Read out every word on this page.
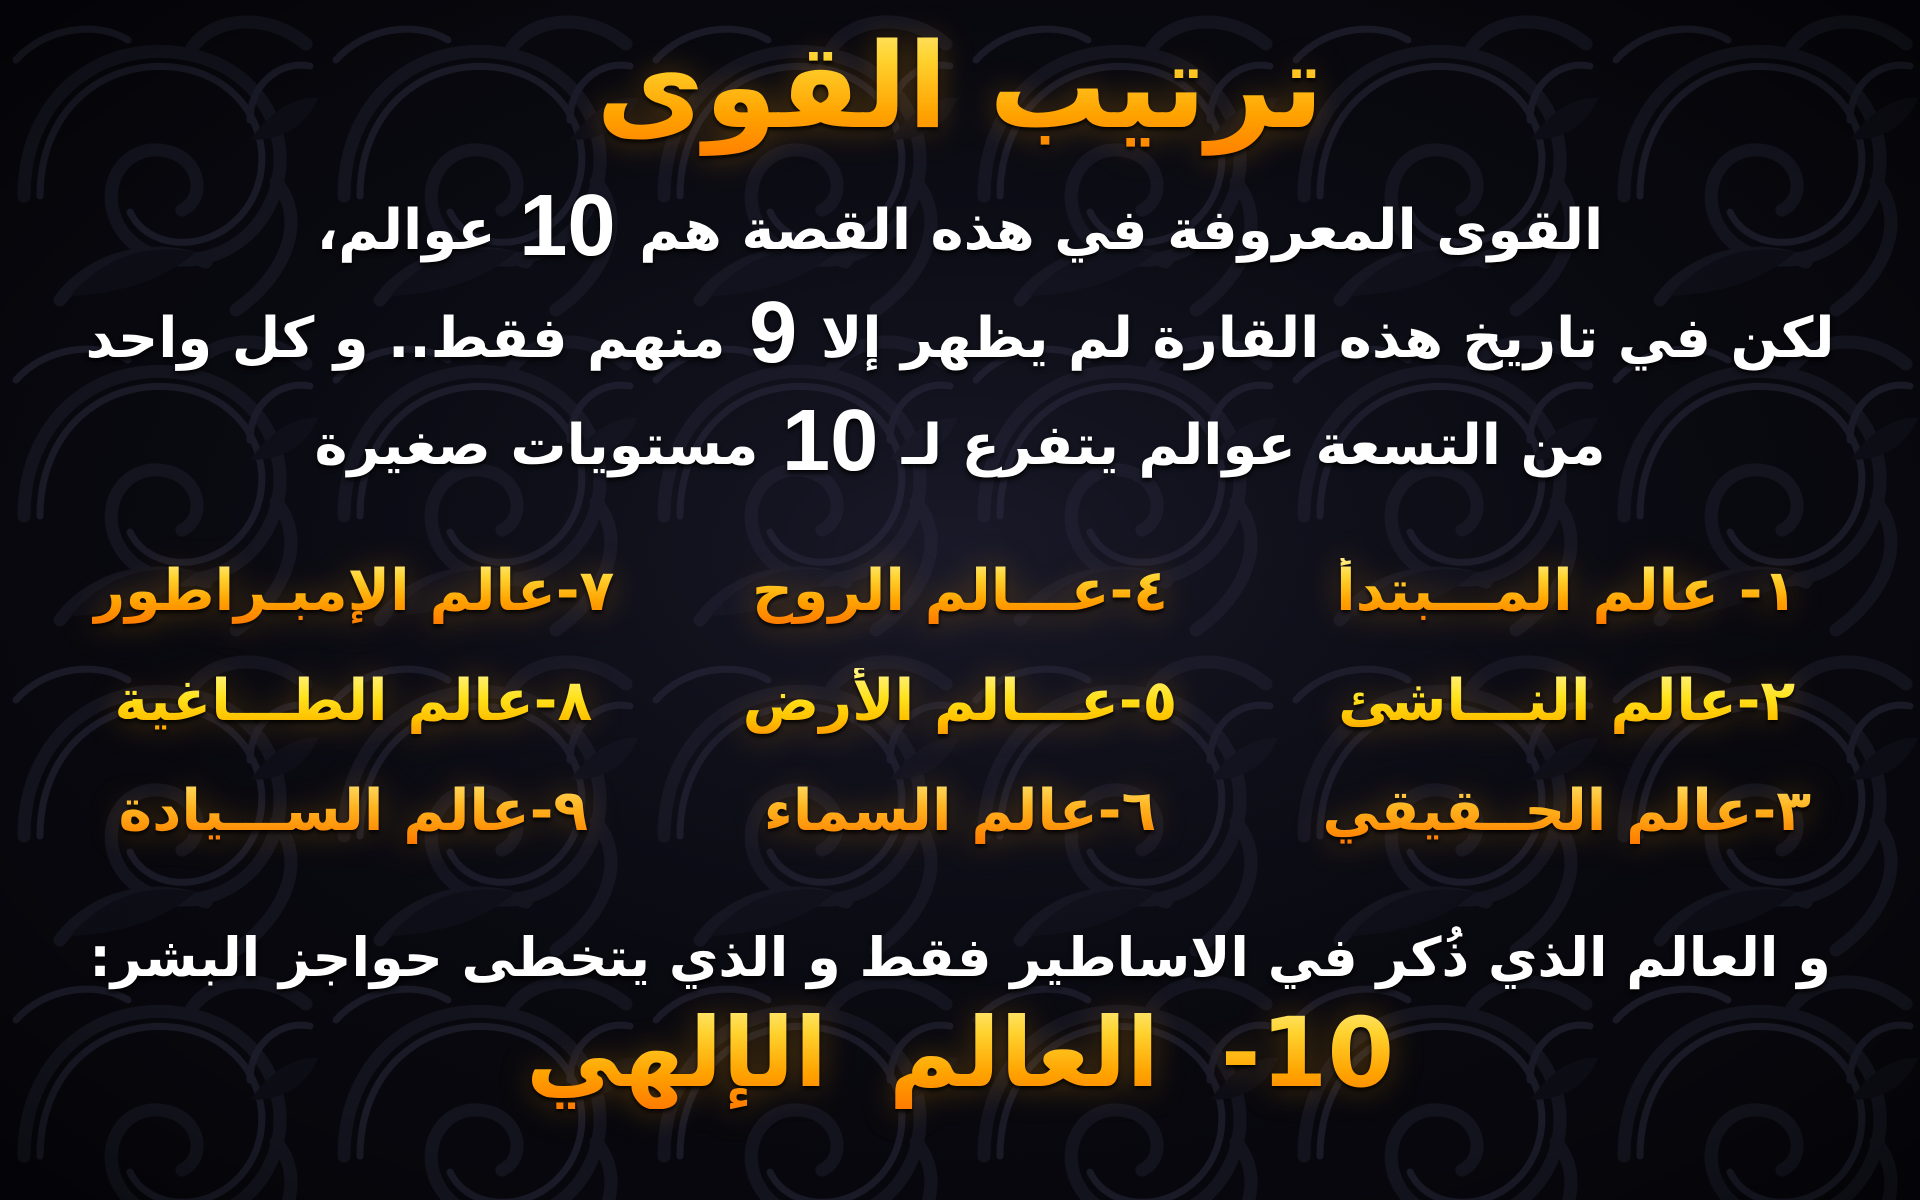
ترتيب القوى
القوى المعروفة في هذه القصة هم 10 عوالم،
لكن في تاريخ هذه القارة لم يظهر إلا 9 منهم فقط.. و كل واحد
من التسعة عوالم يتفرع لـ 10 مستويات صغيرة
١- عالم المـــبتدأ
٢-عالم النـــاشئ
٣-عالم الحــقيقي
٤-عـــالم الروح
٥-عـــالم الأرض
٦-عالم السماء
٧-عالم الإمبـراطور
٨-عالم الطـــاغية
٩-عالم الســـيادة

و العالم الذي ذُكر في الاساطير فقط و الذي يتخطى حواجز البشر:

10- العالم الإلهي
